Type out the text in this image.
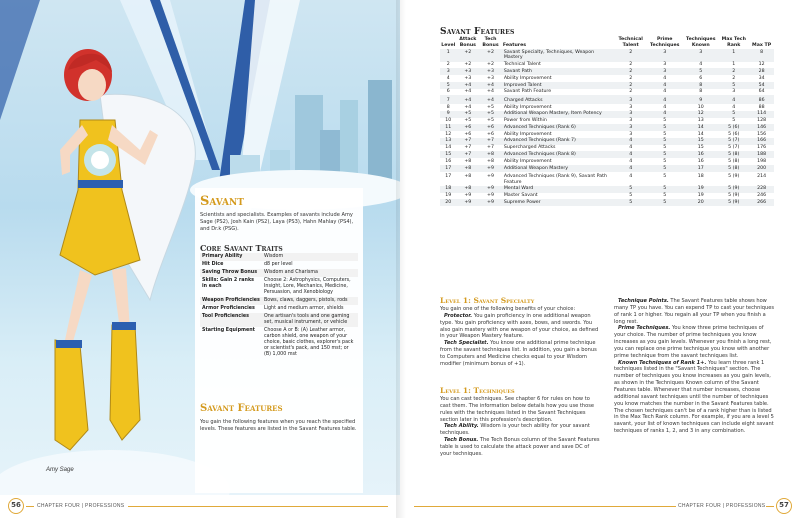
Amy Sage
Savant
Scientists and specialists. Examples of savants include Amy Sage (PS2), Josh Kain (PS2), Laya (PS3), Hahn Mahlay (PS4), and Dr.k (PSG).
Core Savant Traits
Primary Ability	Wisdom
Hit Dice	d8 per level
Saving Throw Bonus	Wisdom and Charisma
Skills: Gain 2 ranks in each	Choose 2: Astrophysics, Computers, Insight, Lore, Mechanics, Medicine, Persuasion, and Xenobiology
Weapon Proficiencies	Bows, claws, daggers, pistols, rods
Armor Proficiencies	Light and medium armor, shields
Tool Proficiencies	One artisan's tools and one gaming set, musical instrument, or vehicle
Starting Equipment	Choose A or B: (A) Leather armor, carbon shield, one weapon of your choice, basic clothes, explorer's pack or scientist's pack, and 150 mst; or (B) 1,000 mst
Savant Features
You gain the following features when you reach the specified levels. These features are listed in the Savant Features table.
56	CHAPTER FOUR | PROFESSIONS
Savant Features
Level	Attack Bonus	Tech Bonus	Features	Technical Talent	Prime Techniques	Techniques Known	Max Tech Rank	Max TP
1	+2	+2	Savant Specialty, Techniques, Weapon Mastery	2	3	3	1	8
2	+2	+2	Technical Talent	2	3	4	1	12
3	+3	+3	Savant Path	2	3	5	2	28
4	+3	+3	Ability Improvement	2	4	6	2	34
5	+4	+4	Improved Talent	2	4	8	5	54
6	+4	+4	Savant Path Feature	2	4	8	3	64
7	+4	+4	Charged Attacks	3	4	9	4	86
8	+4	+5	Ability Improvement	3	4	10	4	88
9	+5	+5	Additional Weapon Mastery, Item Potency	3	4	12	5	114
10	+5	+5	Power from Within	3	5	13	5	128
11	+6	+6	Advanced Techniques (Rank 6)	3	5	14	5 (6)	146
12	+6	+6	Ability Improvement	3	5	14	5 (6)	156
13	+7	+7	Advanced Techniques (Rank 7)	4	5	15	5 (7)	166
14	+7	+7	Supercharged Attacks	4	5	15	5 (7)	176
15	+7	+8	Advanced Techniques (Rank 8)	4	5	16	5 (8)	188
16	+8	+8	Ability Improvement	4	5	16	5 (8)	198
17	+8	+9	Additional Weapon Mastery	4	5	17	5 (8)	200
17	+8	+9	Advanced Techniques (Rank 9), Savant Path Feature	4	5	18	5 (9)	214
18	+8	+9	Mental Ward	5	5	19	5 (9)	228
19	+9	+9	Master Savant	5	5	19	5 (9)	246
20	+9	+9	Supreme Power	5	5	20	5 (9)	266
Level 1: Savant Specialty
You gain one of the following benefits of your choice:

Protector. You gain proficiency in one additional weapon type. You gain proficiency with axes, bows, and swords. You also gain mastery with one weapon of your choice, as defined in your Weapon Mastery feature.

Tech Specialist. You know one additional prime technique from the savant techniques list. In addition, you gain a bonus to Computers and Medicine checks equal to your Wisdom modifier (minimum bonus of +1).

Level 1: Techniques
You can cast techniques. See chapter 6 for rules on how to cast them. The information below details how you use those rules with the techniques listed in the Savant Techniques section later in this profession's description.

Tech Ability. Wisdom is your tech ability for your savant techniques.

Tech Bonus. The Tech Bonus column of the Savant Features table is used to calculate the attack power and save DC of your techniques.

Technique Points. The Savant Features table shows how many TP you have. You can expend TP to cast your techniques of rank 1 or higher. You regain all your TP when you finish a long rest.

Prime Techniques. You know three prime techniques of your choice. The number of prime techniques you know increases as you gain levels. Whenever you finish a long rest, you can replace one prime technique you know with another prime technique from the savant techniques list.

Known Techniques of Rank 1+. You learn three rank 1 techniques listed in the "Savant Techniques" section. The number of techniques you know increases as you gain levels, as shown in the Techniques Known column of the Savant Features table. Whenever that number increases, choose additional savant techniques until the number of techniques you know matches the number in the Savant Features table. The chosen techniques can't be of a rank higher than is listed in the Max Tech Rank column. For example, if you are a level 5 savant, your list of known techniques can include eight savant techniques of ranks 1, 2, and 3 in any combination.

CHAPTER FOUR | PROFESSIONS	57
